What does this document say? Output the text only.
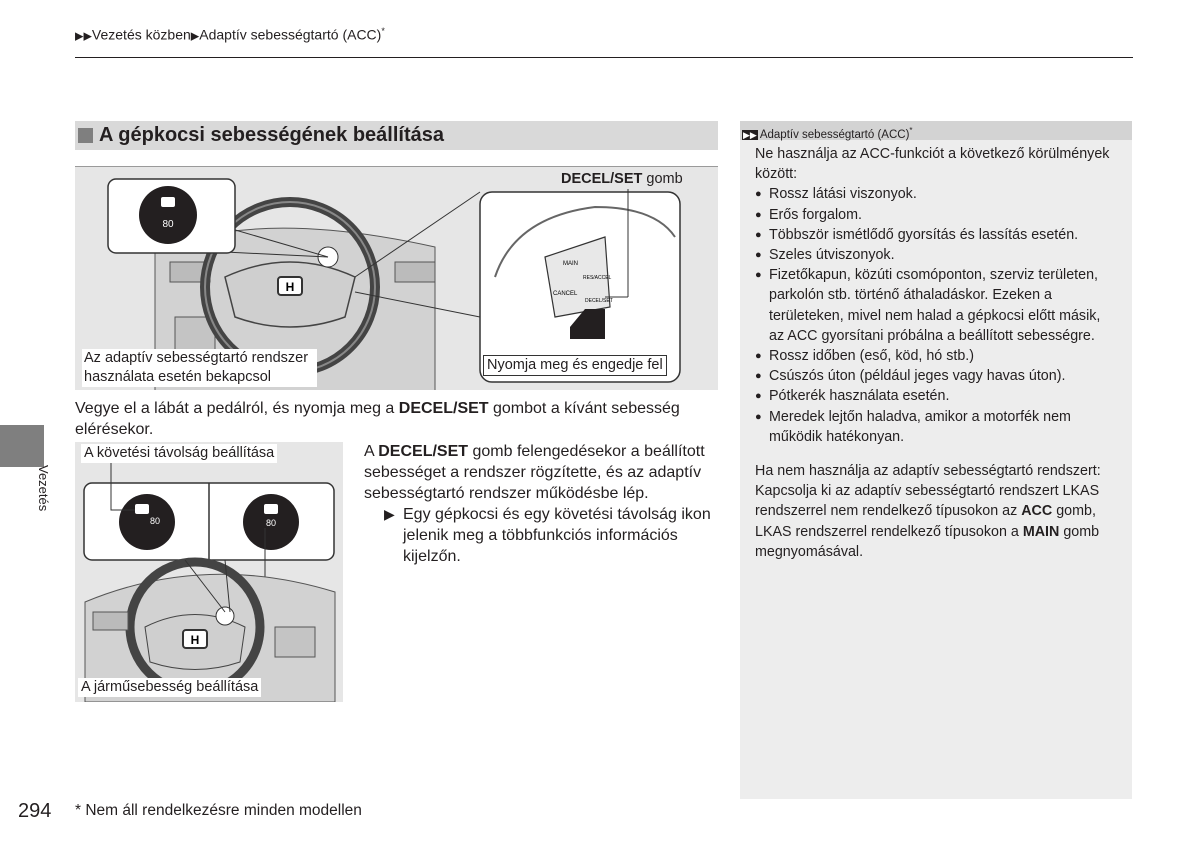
▶▶Vezetés közben▶Adaptív sebességtartó (ACC)*
A gépkocsi sebességének beállítása
H
80
MAIN
CANCEL
RES/ACCEL
DECEL/SET
DECEL/SET gomb
Nyomja meg és engedje fel
Az adaptív sebességtartó rendszer
használata esetén bekapcsol
Vegye el a lábát a pedálról, és nyomja meg a DECEL/SET gombot a kívánt sebesség
elérésekor.
A DECEL/SET gomb felengedésekor a beállított
sebességet a rendszer rögzítette, és az adaptív
sebességtartó rendszer működésbe lép.
▶ Egy gépkocsi és egy követési távolság ikon
jelenik meg a többfunkciós információs
kijelzőn.
80	80
H
A követési távolság beállítása
A járműsebesség beállítása
Vezetés
▶▶ Adaptív sebességtartó (ACC)*
Ne használja az ACC-funkciót a következő körülmények
között:
● Rossz látási viszonyok.
● Erős forgalom.
● Többször ismétlődő gyorsítás és lassítás esetén.
● Szeles útviszonyok.
● Fizetőkapun, közúti csomóponton, szerviz területen, parkolón stb. történő áthaladáskor. Ezeken a területeken, mivel nem halad a gépkocsi előtt másik, az ACC gyorsítani próbálna a beállított sebességre.
● Rossz időben (eső, köd, hó stb.)
● Csúszós úton (például jeges vagy havas úton).
● Pótkerék használata esetén.
● Meredek lejtőn haladva, amikor a motorfék nem működik hatékonyan.
Ha nem használja az adaptív sebességtartó rendszert:
Kapcsolja ki az adaptív sebességtartó rendszert LKAS
rendszerrel nem rendelkező típusokon az ACC gomb,
LKAS rendszerrel rendelkező típusokon a MAIN gomb
megnyomásával.
294 * Nem áll rendelkezésre minden modellen
